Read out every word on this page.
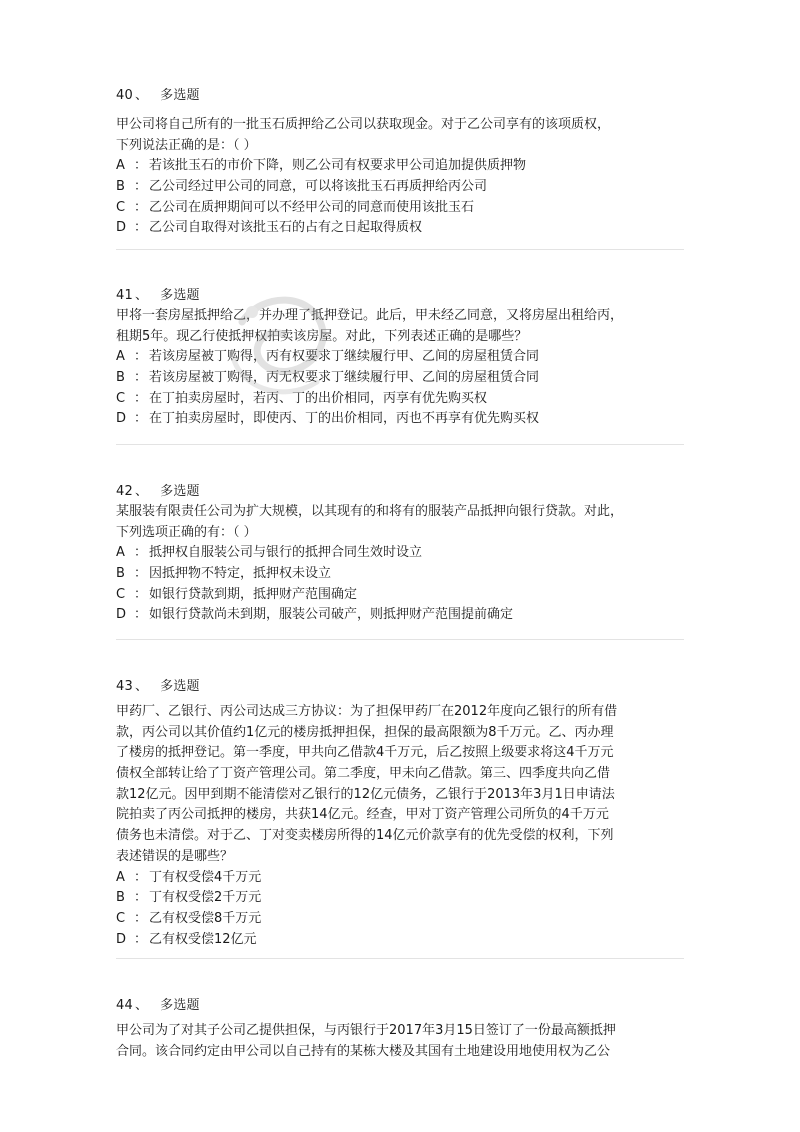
40 、 多选题
甲公司将自己所有的一批玉石质押给乙公司以获取现金。对于乙公司享有的该项质权，
下列说法正确的是：（ ）
A ： 若该批玉石的市价下降，则乙公司有权要求甲公司追加提供质押物
B ： 乙公司经过甲公司的同意，可以将该批玉石再质押给丙公司
C ： 乙公司在质押期间可以不经甲公司的同意而使用该批玉石
D ： 乙公司自取得对该批玉石的占有之日起取得质权
41 、 多选题
甲将一套房屋抵押给乙，并办理了抵押登记。此后，甲未经乙同意，又将房屋出租给丙，
租期5年。现乙行使抵押权拍卖该房屋。对此，下列表述正确的是哪些？
A ： 若该房屋被丁购得，丙有权要求丁继续履行甲、乙间的房屋租赁合同
B ： 若该房屋被丁购得，丙无权要求丁继续履行甲、乙间的房屋租赁合同
C ： 在丁拍卖房屋时，若丙、丁的出价相同，丙享有优先购买权
D ： 在丁拍卖房屋时，即使丙、丁的出价相同，丙也不再享有优先购买权
42 、 多选题
某服装有限责任公司为扩大规模，以其现有的和将有的服装产品抵押向银行贷款。对此，
下列选项正确的有：（ ）
A ： 抵押权自服装公司与银行的抵押合同生效时设立
B ： 因抵押物不特定，抵押权未设立
C ： 如银行贷款到期，抵押财产范围确定
D ： 如银行贷款尚未到期，服装公司破产，则抵押财产范围提前确定
43 、 多选题
甲药厂、乙银行、丙公司达成三方协议：为了担保甲药厂在2012年度向乙银行的所有借
款，丙公司以其价值约1亿元的楼房抵押担保，担保的最高限额为8千万元。乙、丙办理
了楼房的抵押登记。第一季度，甲共向乙借款4千万元，后乙按照上级要求将这4千万元
债权全部转让给了丁资产管理公司。第二季度，甲未向乙借款。第三、四季度共向乙借
款12亿元。因甲到期不能清偿对乙银行的12亿元债务，乙银行于2013年3月1日申请法
院拍卖了丙公司抵押的楼房，共获14亿元。经查，甲对丁资产管理公司所负的4千万元
债务也未清偿。对于乙、丁对变卖楼房所得的14亿元价款享有的优先受偿的权利，下列
表述错误的是哪些？
A ： 丁有权受偿4千万元
B ： 丁有权受偿2千万元
C ： 乙有权受偿8千万元
D ： 乙有权受偿12亿元
44 、 多选题
甲公司为了对其子公司乙提供担保，与丙银行于2017年3月15日签订了一份最高额抵押
合同。该合同约定由甲公司以自己持有的某栋大楼及其国有土地建设用地使用权为乙公
